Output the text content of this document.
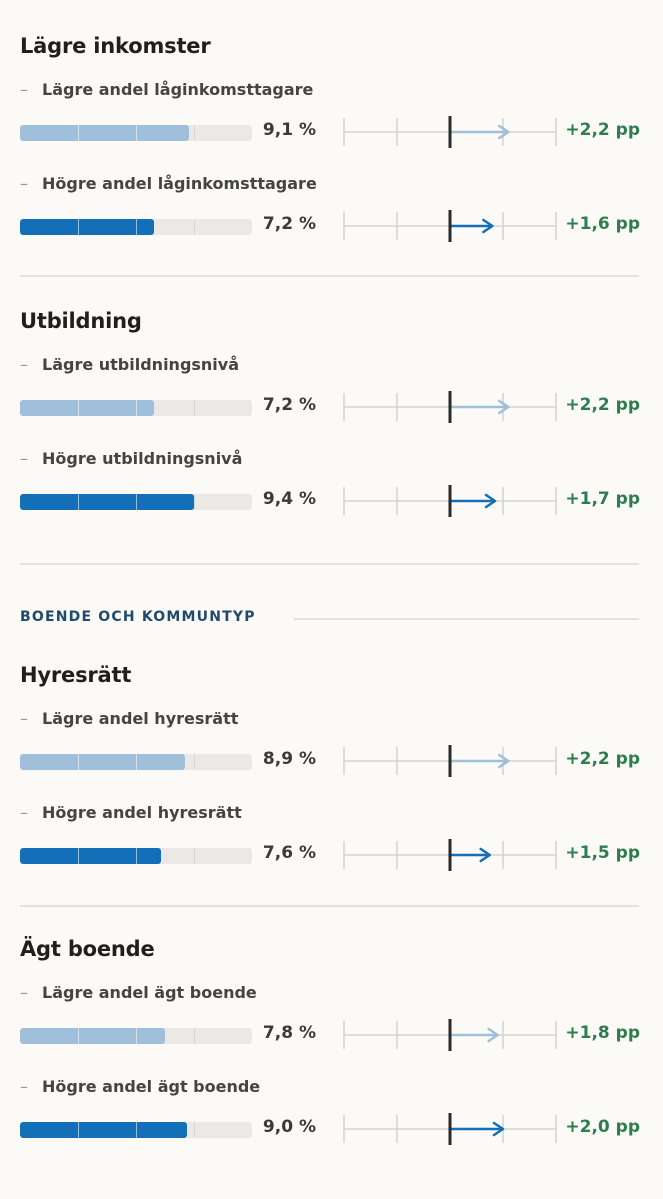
Lägre inkomster
– Lägre andel låginkomsttagare
9,1 %	+2,2 pp
– Högre andel låginkomsttagare
7,2 %	+1,6 pp
Utbildning
– Lägre utbildningsnivå
7,2 %	+2,2 pp
– Högre utbildningsnivå
9,4 %	+1,7 pp
Hyresrätt
– Lägre andel hyresrätt
8,9 %	+2,2 pp
– Högre andel hyresrätt
7,6 %	+1,5 pp
Ägt boende
– Lägre andel ägt boende
7,8 %	+1,8 pp
– Högre andel ägt boende
9,0 %	+2,0 pp
BOENDE OCH KOMMUNTYP
